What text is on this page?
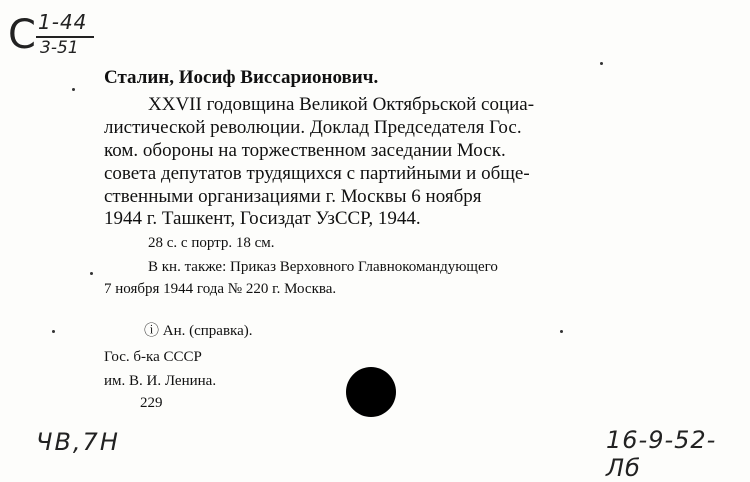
С 1-44
3-51
Сталин, Иосиф Виссарионович.
XXVII годовщина Великой Октябрьской социа-
листической революции. Доклад Председателя Гос.
ком. обороны на торжественном заседании Моск.
совета депутатов трудящихся с партийными и обще-
ственными организациями г. Москвы 6 ноября
1944 г. Ташкент, Госиздат УзССР, 1944.
28 с. с портр. 18 см.
В кн. также: Приказ Верховного Главнокомандующего
7 ноября 1944 года № 220 г. Москва.
ⓘ Ан. (справка).
Гос. б-ка СССР
им. В. И. Ленина.
229
ЧВ,7Н	16-9-52-Лб
